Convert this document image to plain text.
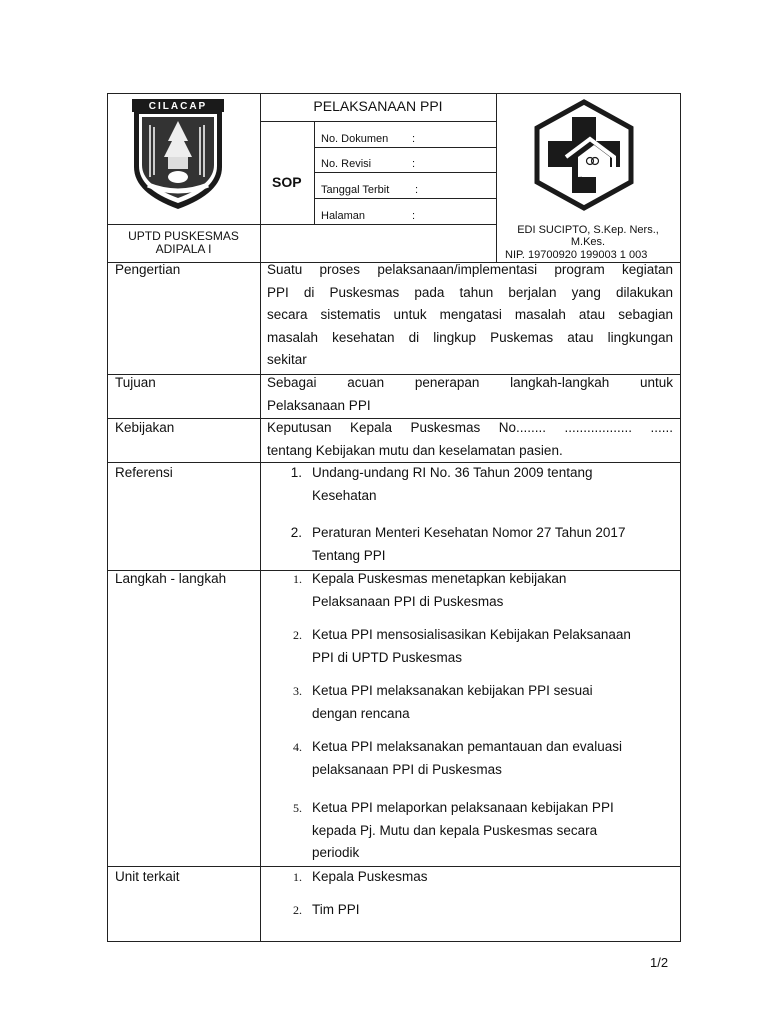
CILACAP	PELAKSANAAN PPI
SOP
No. Dokumen :
No. Revisi	:
Tanggal Terbit :
Halaman	:
UPTD PUSKESMAS
ADIPALA I
EDI SUCIPTO, S.Kep. Ners.,
M.Kes.
NIP. 19700920 199003 1 003
Pengertian	Suatu proses pelaksanaan/implementasi program kegiatan
PPI di Puskesmas pada tahun berjalan yang dilakukan
secara sistematis untuk mengatasi masalah atau sebagian
masalah kesehatan di lingkup Puskemas atau lingkungan
sekitar
Tujuan	Sebagai acuan penerapan langkah-langkah untuk
Pelaksanaan PPI
Kebijakan	Keputusan Kepala Puskesmas No........ .................. ......
tentang Kebijakan mutu dan keselamatan pasien.
Referensi	1. Undang-undang RI No. 36 Tahun 2009 tentang
Kesehatan
2. Peraturan Menteri Kesehatan Nomor 27 Tahun 2017
Tentang PPI
Langkah - langkah	1. Kepala Puskesmas menetapkan kebijakan
Pelaksanaan PPI di Puskesmas
2. Ketua PPI mensosialisasikan Kebijakan Pelaksanaan
PPI di UPTD Puskesmas
3. Ketua PPI melaksanakan kebijakan PPI sesuai
dengan rencana
4. Ketua PPI melaksanakan pemantauan dan evaluasi
pelaksanaan PPI di Puskesmas
5. Ketua PPI melaporkan pelaksanaan kebijakan PPI
kepada Pj. Mutu dan kepala Puskesmas secara
periodik
Unit terkait	1. Kepala Puskesmas
2. Tim PPI
1/2
